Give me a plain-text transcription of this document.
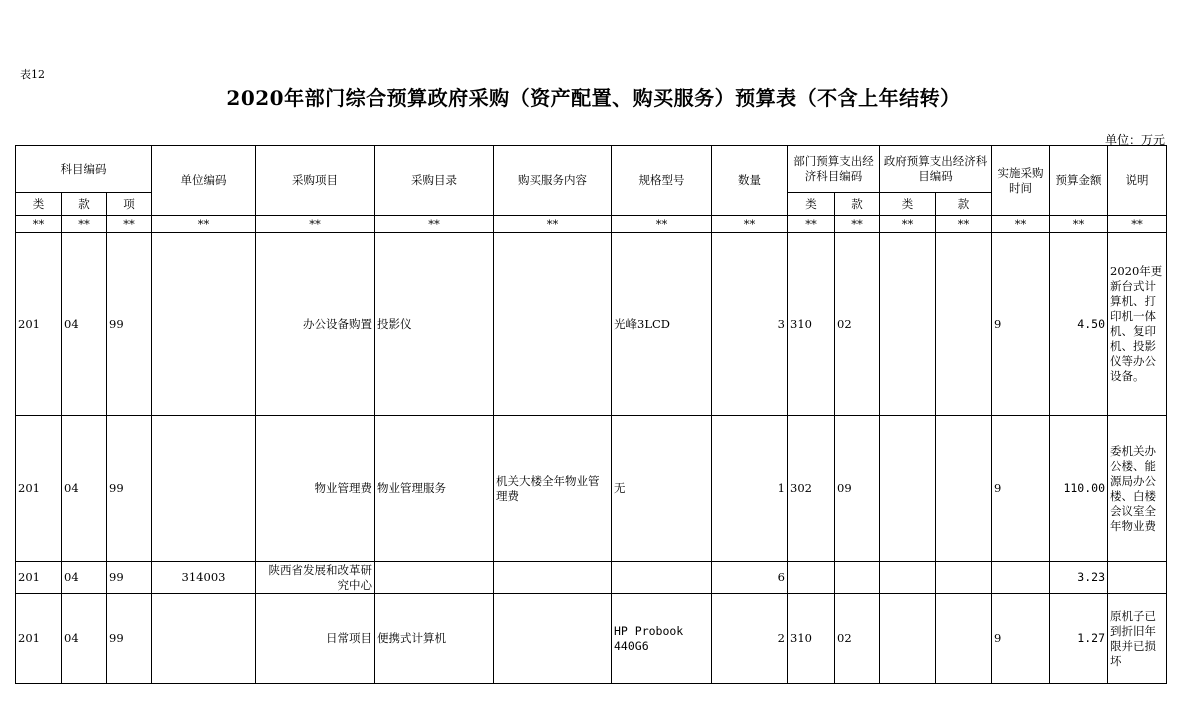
表12
2020年部门综合预算政府采购（资产配置、购买服务）预算表（不含上年结转）
单位：万元
科目编码			单位编码	采购项目	采购目录	购买服务内容	规格型号	数量	部门预算支出经济科目编码		政府预算支出经济科目编码		实施采购时间	预算金额	说明
类	款	项							类	款	类	款			
**	**	**	**	**	**	**	**	**	**	**	**	**	**	**	**
201	04	99		办公设备购置	投影仪		光峰3LCD	3	310	02			9	4.50	2020年更新台式计算机、打印机一体机、复印机、投影仪等办公设备。
201	04	99		物业管理费	物业管理服务	机关大楼全年物业管理费	无	1	302	09			9	110.00	委机关办公楼、能源局办公楼、白楼会议室全年物业费
201	04	99	314003	陕西省发展和改革研究中心				6						3.23	
201	04	99		日常项目	便携式计算机		HP Probook 440G6	2	310	02			9	1.27	原机子已到折旧年限并已损坏
